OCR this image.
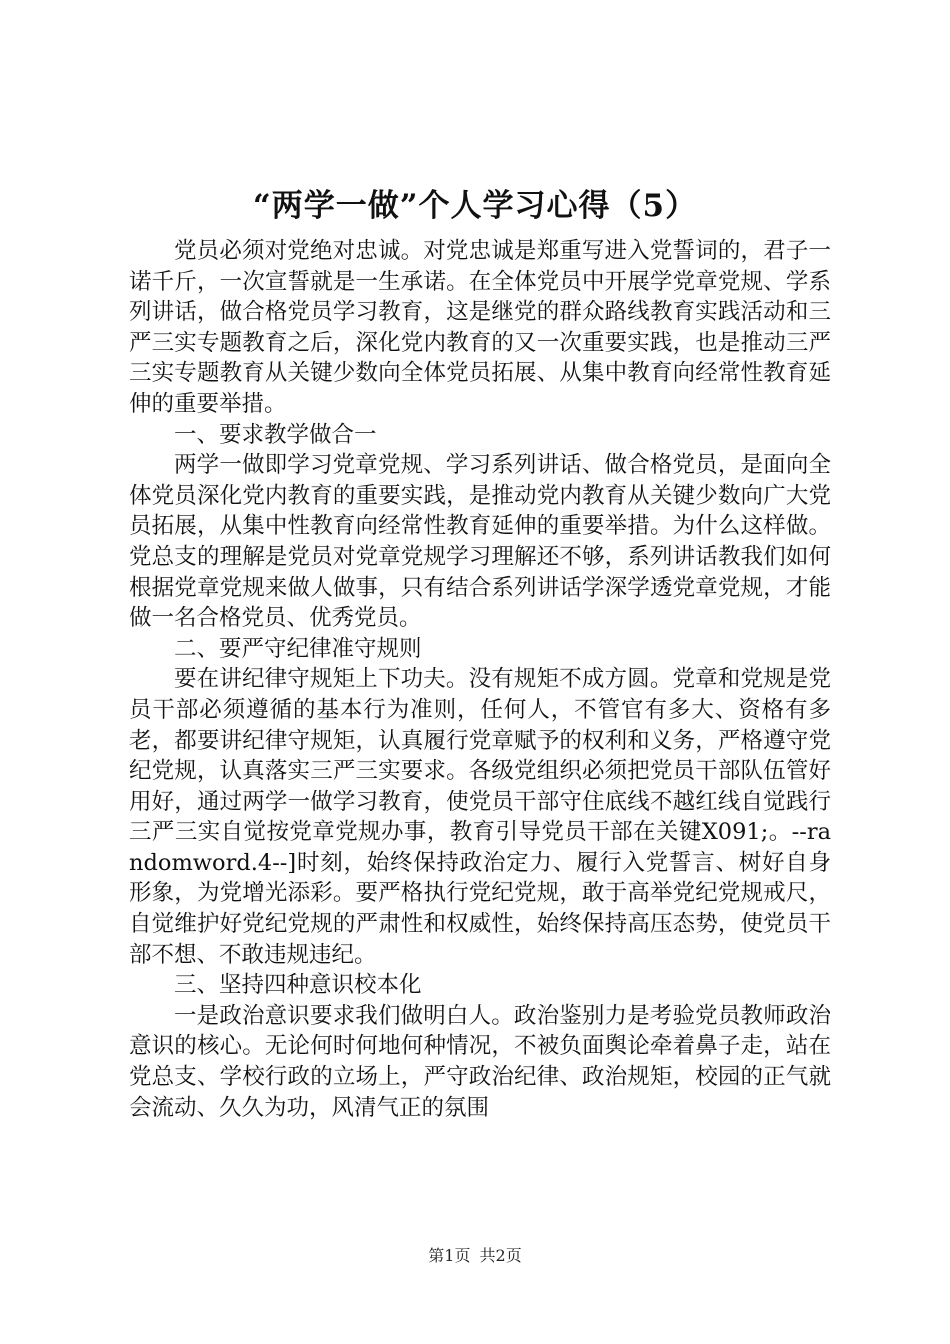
“两学一做”个人学习心得（5）

党员必须对党绝对忠诚。对党忠诚是郑重写进入党誓词的，君子一诺千斤，一次宣誓就是一生承诺。在全体党员中开展学党章党规、学系列讲话，做合格党员学习教育，这是继党的群众路线教育实践活动和三严三实专题教育之后，深化党内教育的又一次重要实践，也是推动三严三实专题教育从关键少数向全体党员拓展、从集中教育向经常性教育延伸的重要举措。

一、要求教学做合一

两学一做即学习党章党规、学习系列讲话、做合格党员，是面向全体党员深化党内教育的重要实践，是推动党内教育从关键少数向广大党员拓展，从集中性教育向经常性教育延伸的重要举措。为什么这样做。党总支的理解是党员对党章党规学习理解还不够，系列讲话教我们如何根据党章党规来做人做事，只有结合系列讲话学深学透党章党规，才能做一名合格党员、优秀党员。

二、要严守纪律准守规则

要在讲纪律守规矩上下功夫。没有规矩不成方圆。党章和党规是党员干部必须遵循的基本行为准则，任何人，不管官有多大、资格有多老，都要讲纪律守规矩，认真履行党章赋予的权利和义务，严格遵守党纪党规，认真落实三严三实要求。各级党组织必须把党员干部队伍管好用好，通过两学一做学习教育，使党员干部守住底线不越红线自觉践行三严三实自觉按党章党规办事，教育引导党员干部在关键X091;。--randomword.4--]时刻，始终保持政治定力、履行入党誓言、树好自身形象，为党增光添彩。要严格执行党纪党规，敢于高举党纪党规戒尺，自觉维护好党纪党规的严肃性和权威性，始终保持高压态势，使党员干部不想、不敢违规违纪。

三、坚持四种意识校本化

一是政治意识要求我们做明白人。政治鉴别力是考验党员教师政治意识的核心。无论何时何地何种情况，不被负面舆论牵着鼻子走，站在党总支、学校行政的立场上，严守政治纪律、政治规矩，校园的正气就会流动、久久为功，风清气正的氛围

第1页 共2页
